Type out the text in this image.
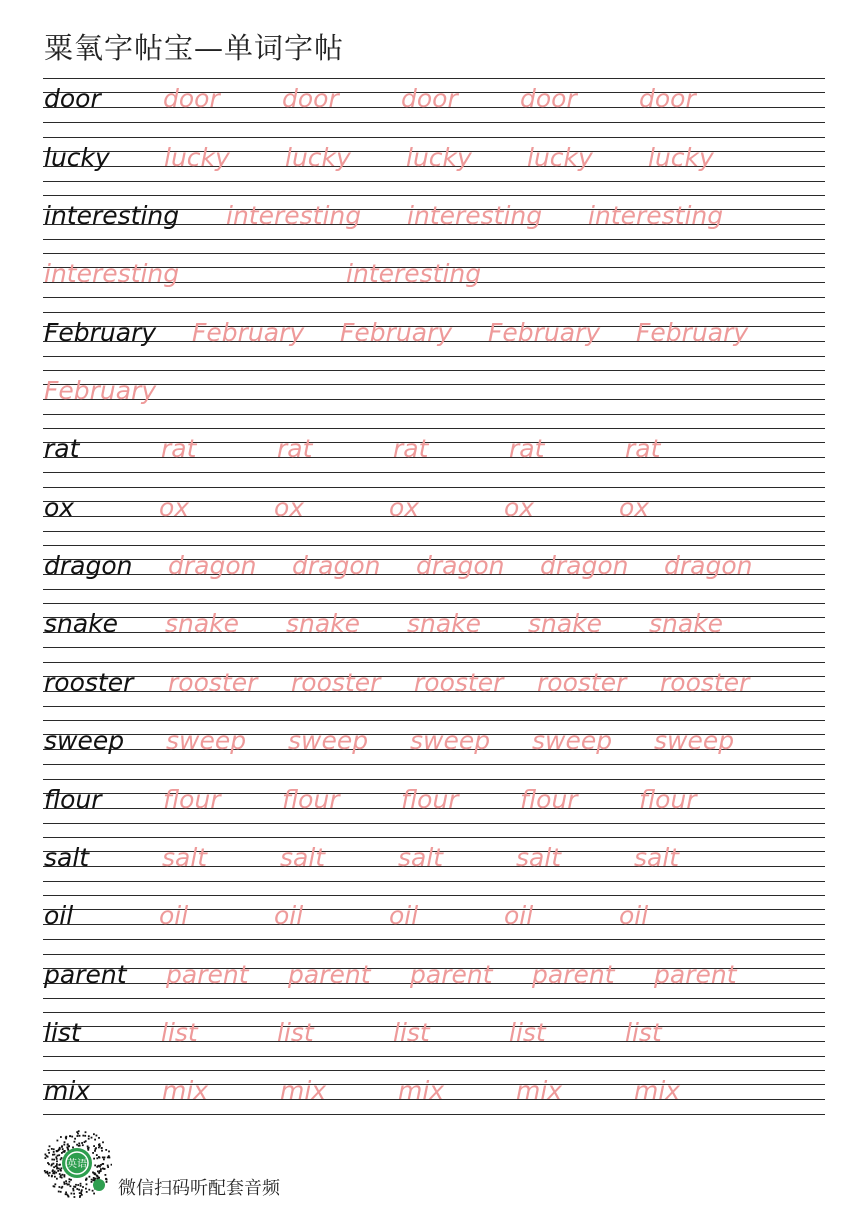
粟氧字帖宝—单词字帖
door door door door door door
lucky lucky lucky lucky lucky lucky
interesting interesting interesting interesting
interesting	interesting
February February February February February
February
rat	rat	rat	rat	rat	rat
ox	ox	ox	ox	ox	ox
dragon dragon dragon dragon dragon dragon
snake snake snake snake snake snake
rooster rooster rooster rooster rooster rooster
sweep sweep sweep sweep sweep sweep
flour flour flour flour flour flour
salt	salt	salt	salt	salt	salt
oil	oil	oil	oil	oil	oil
parent parent parent parent parent parent
list	list	list	list	list	list
mix	mix	mix	mix	mix	mix
英语
微信扫码听配套音频
